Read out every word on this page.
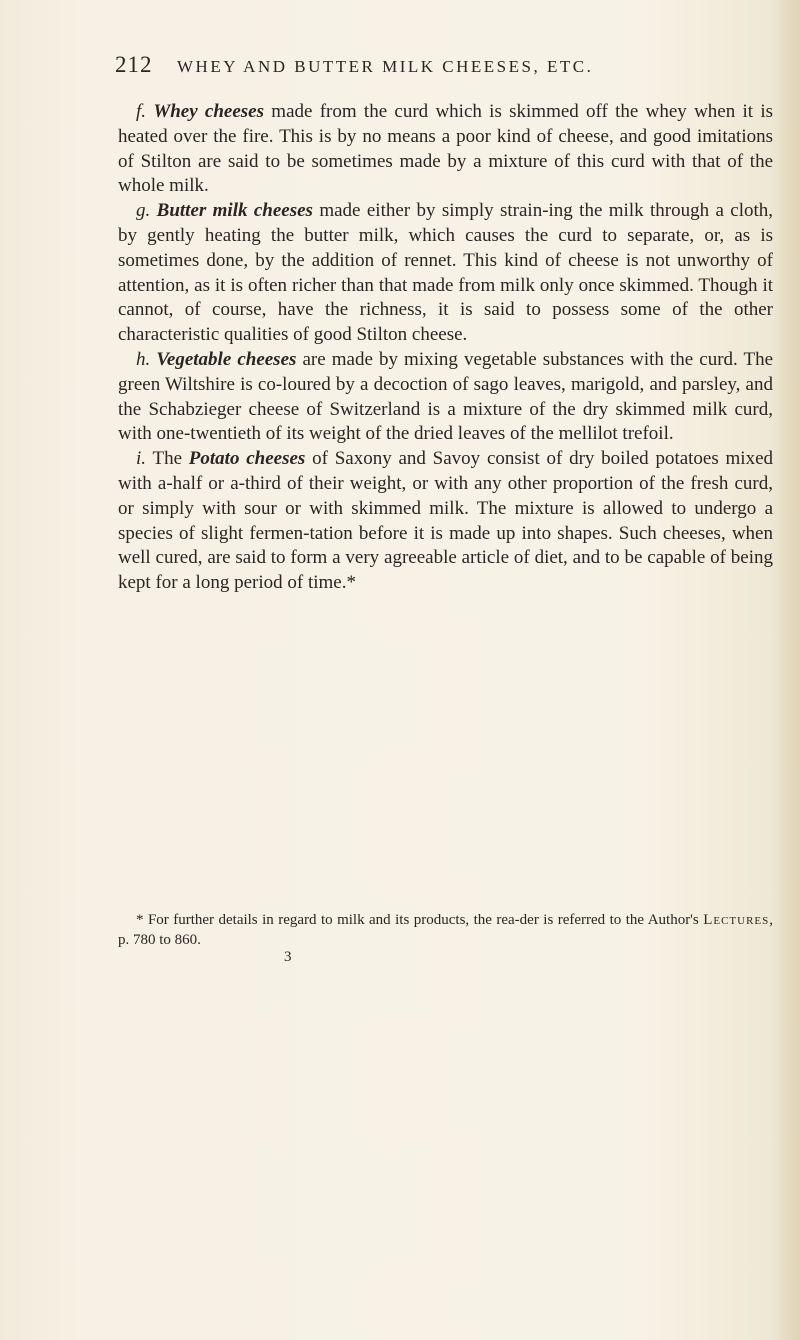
212 WHEY AND BUTTER MILK CHEESES, ETC.

f. Whey cheeses made from the curd which is skimmed off the whey when it is heated over the fire. This is by no means a poor kind of cheese, and good imitations of Stilton are said to be sometimes made by a mixture of this curd with that of the whole milk.

g. Butter milk cheeses made either by simply strain-ing the milk through a cloth, by gently heating the butter milk, which causes the curd to separate, or, as is sometimes done, by the addition of rennet. This kind of cheese is not unworthy of attention, as it is often richer than that made from milk only once skimmed. Though it cannot, of course, have the richness, it is said to possess some of the other characteristic qualities of good Stilton cheese.

h. Vegetable cheeses are made by mixing vegetable substances with the curd. The green Wiltshire is co-loured by a decoction of sago leaves, marigold, and parsley, and the Schabzieger cheese of Switzerland is a mixture of the dry skimmed milk curd, with one-twentieth of its weight of the dried leaves of the mellilot trefoil.

i. The Potato cheeses of Saxony and Savoy consist of dry boiled potatoes mixed with a-half or a-third of their weight, or with any other proportion of the fresh curd, or simply with sour or with skimmed milk. The mixture is allowed to undergo a species of slight fermen-tation before it is made up into shapes. Such cheeses, when well cured, are said to form a very agreeable article of diet, and to be capable of being kept for a long period of time.*

* For further details in regard to milk and its products, the rea-der is referred to the Author's Lectures, p. 780 to 860.

3
